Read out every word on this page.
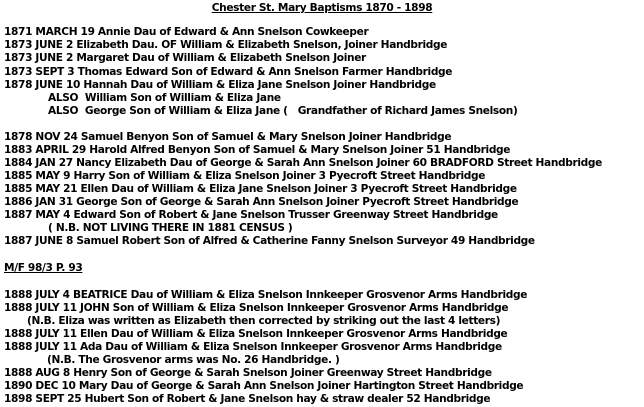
Chester St. Mary Baptisms 1870 - 1898
1871 MARCH 19 Annie Dau of Edward & Ann Snelson Cowkeeper
1873 JUNE 2 Elizabeth Dau. OF William & Elizabeth Snelson, Joiner Handbridge
1873 JUNE 2 Margaret Dau of William & Elizabeth Snelson Joiner
1873 SEPT 3 Thomas Edward Son of Edward & Ann Snelson Farmer Handbridge
1878 JUNE 10 Hannah Dau of William & Eliza Jane Snelson Joiner Handbridge
ALSO  William Son of William & Eliza Jane
ALSO  George Son of William & Eliza Jane (   Grandfather of Richard James Snelson)
1878 NOV 24 Samuel Benyon Son of Samuel & Mary Snelson Joiner Handbridge
1883 APRIL 29 Harold Alfred Benyon Son of Samuel & Mary Snelson Joiner 51 Handbridge
1884 JAN 27 Nancy Elizabeth Dau of George & Sarah Ann Snelson Joiner 60 BRADFORD Street Handbridge
1885 MAY 9 Harry Son of William & Eliza Snelson Joiner 3 Pyecroft Street Handbridge
1885 MAY 21 Ellen Dau of William & Eliza Jane Snelson Joiner 3 Pyecroft Street Handbridge
1886 JAN 31 George Son of George & Sarah Ann Snelson Joiner Pyecroft Street Handbridge
1887 MAY 4 Edward Son of Robert & Jane Snelson Trusser Greenway Street Handbridge
( N.B. NOT LIVING THERE IN 1881 CENSUS )
1887 JUNE 8 Samuel Robert Son of Alfred & Catherine Fanny Snelson Surveyor 49 Handbridge
M/F 98/3 P. 93
1888 JULY 4 BEATRICE Dau of William & Eliza Snelson Innkeeper Grosvenor Arms Handbridge
1888 JULY 11 JOHN Son of William & Eliza Snelson Innkeeper Grosvenor Arms Handbridge
(N.B. Eliza was written as Elizabeth then corrected by striking out the last 4 letters)
1888 JULY 11 Ellen Dau of William & Eliza Snelson Innkeeper Grosvenor Arms Handbridge
1888 JULY 11 Ada Dau of William & Eliza Snelson Innkeeper Grosvenor Arms Handbridge
(N.B. The Grosvenor arms was No. 26 Handbridge. )
1888 AUG 8 Henry Son of George & Sarah Snelson Joiner Greenway Street Handbridge
1890 DEC 10 Mary Dau of George & Sarah Ann Snelson Joiner Hartington Street Handbridge
1898 SEPT 25 Hubert Son of Robert & Jane Snelson hay & straw dealer 52 Handbridge
